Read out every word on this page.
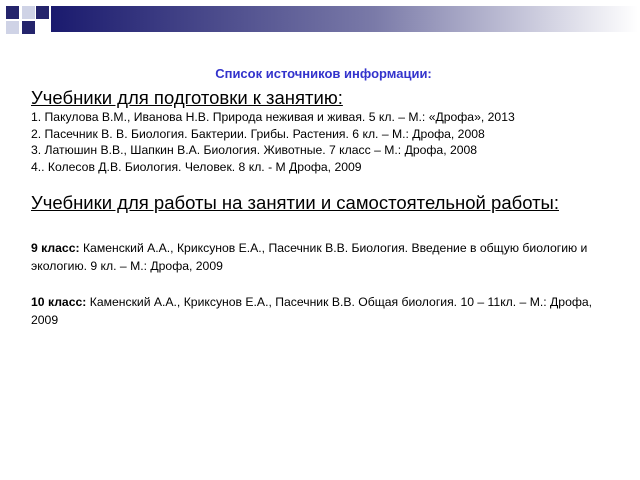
Список источников информации:
Учебники для подготовки к занятию:
1. Пакулова В.М., Иванова Н.В. Природа неживая и живая. 5 кл. – М.: «Дрофа», 2013
2. Пасечник В. В. Биология. Бактерии. Грибы. Растения. 6 кл. – М.: Дрофа, 2008
3. Латюшин В.В., Шапкин В.А. Биология. Животные. 7 класс – М.: Дрофа, 2008
4.. Колесов Д.В. Биология. Человек. 8 кл. - М Дрофа, 2009
Учебники для работы на занятии и самостоятельной работы:
9 класс: Каменский А.А., Криксунов Е.А., Пасечник В.В. Биология. Введение в общую биологию и экологию. 9 кл. – М.: Дрофа, 2009
10 класс: Каменский А.А., Криксунов Е.А., Пасечник В.В. Общая биология. 10 – 11кл. – М.: Дрофа, 2009
